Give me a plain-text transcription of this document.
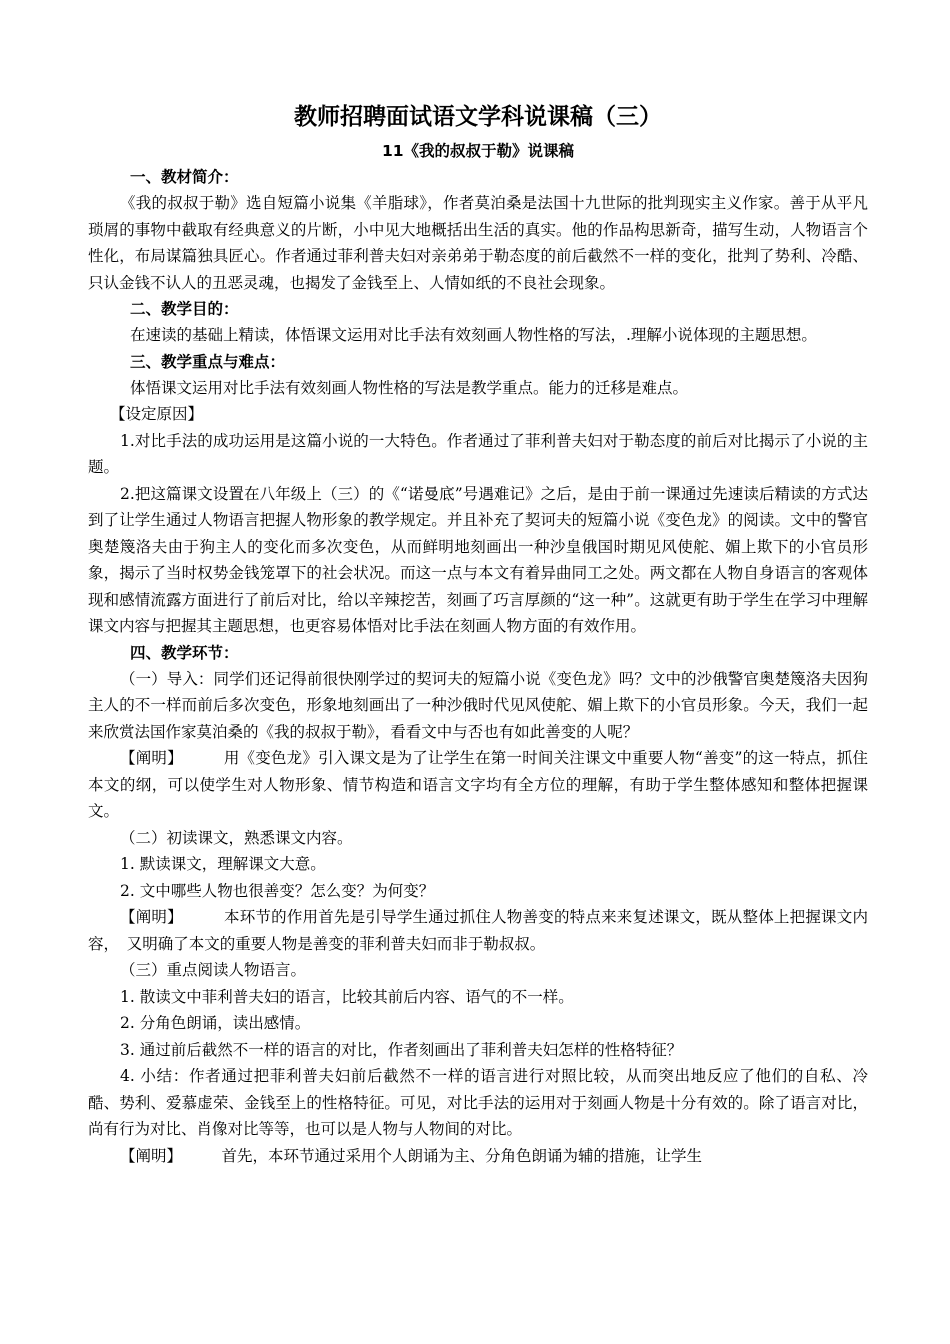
教师招聘面试语文学科说课稿（三）
11《我的叔叔于勒》说课稿
一、教材简介：

《我的叔叔于勒》选自短篇小说集《羊脂球》，作者莫泊桑是法国十九世际的批判现实主义作家。善于从平凡琐屑的事物中截取有经典意义的片断，小中见大地概括出生活的真实。他的作品构思新奇，描写生动，人物语言个性化，布局谋篇独具匠心。作者通过菲利普夫妇对亲弟弟于勒态度的前后截然不一样的变化，批判了势利、冷酷、只认金钱不认人的丑恶灵魂，也揭发了金钱至上、人情如纸的不良社会现象。

二、教学目的：

在速读的基础上精读，体悟课文运用对比手法有效刻画人物性格的写法，.理解小说体现的主题思想。

三、教学重点与难点：

体悟课文运用对比手法有效刻画人物性格的写法是教学重点。能力的迁移是难点。

【设定原因】

1.对比手法的成功运用是这篇小说的一大特色。作者通过了菲利普夫妇对于勒态度的前后对比揭示了小说的主题。

2.把这篇课文设置在八年级上（三）的《“诺曼底”号遇难记》之后，是由于前一课通过先速读后精读的方式达到了让学生通过人物语言把握人物形象的教学规定。并且补充了契诃夫的短篇小说《变色龙》的阅读。文中的警官奥楚篾洛夫由于狗主人的变化而多次变色，从而鲜明地刻画出一种沙皇俄国时期见风使舵、媚上欺下的小官员形象，揭示了当时权势金钱笼罩下的社会状况。而这一点与本文有着异曲同工之处。两文都在人物自身语言的客观体现和感情流露方面进行了前后对比，给以辛辣挖苦，刻画了巧言厚颜的“这一种”。这就更有助于学生在学习中理解课文内容与把握其主题思想，也更容易体悟对比手法在刻画人物方面的有效作用。

四、教学环节：

（一）导入：同学们还记得前很快刚学过的契诃夫的短篇小说《变色龙》吗？文中的沙俄警官奥楚篾洛夫因狗主人的不一样而前后多次变色，形象地刻画出了一种沙俄时代见风使舵、媚上欺下的小官员形象。今天，我们一起来欣赏法国作家莫泊桑的《我的叔叔于勒》，看看文中与否也有如此善变的人呢？

【阐明】	用《变色龙》引入课文是为了让学生在第一时间关注课文中重要人物“善变”的这一特点，抓住本文的纲，可以使学生对人物形象、情节构造和语言文字均有全方位的理解，有助于学生整体感知和整体把握课文。

（二）初读课文，熟悉课文内容。

1. 默读课文，理解课文大意。

2. 文中哪些人物也很善变？怎么变？为何变？

【阐明】	本环节的作用首先是引导学生通过抓住人物善变的特点来来复述课文，既从整体上把握课文内容，　又明确了本文的重要人物是善变的菲利普夫妇而非于勒叔叔。

（三）重点阅读人物语言。

1. 散读文中菲利普夫妇的语言，比较其前后内容、语气的不一样。

2. 分角色朗诵，读出感情。

3. 通过前后截然不一样的语言的对比，作者刻画出了菲利普夫妇怎样的性格特征？

4. 小结：作者通过把菲利普夫妇前后截然不一样的语言进行对照比较，从而突出地反应了他们的自私、冷酷、势利、爱慕虚荣、金钱至上的性格特征。可见，对比手法的运用对于刻画人物是十分有效的。除了语言对比，尚有行为对比、肖像对比等等，也可以是人物与人物间的对比。

【阐明】	首先，本环节通过采用个人朗诵为主、分角色朗诵为辅的措施，让学生
